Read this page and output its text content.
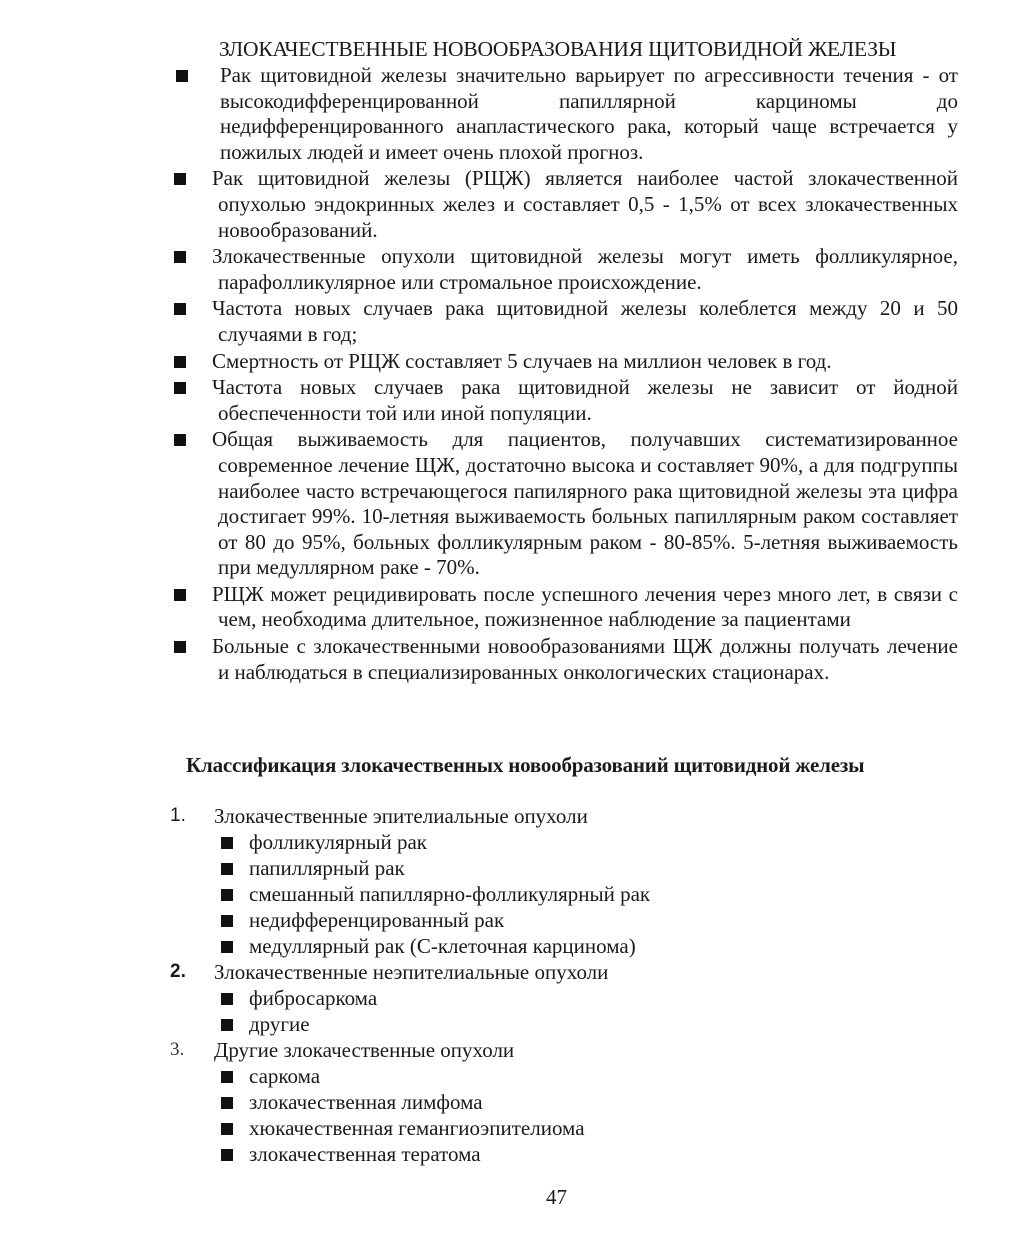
ЗЛОКАЧЕСТВЕННЫЕ НОВООБРАЗОВАНИЯ ЩИТОВИДНОЙ ЖЕЛЕЗЫ
Рак щитовидной железы значительно варьирует по агрессивности течения - от высокодифференцированной папиллярной карциномы до недифференцированного анапластического рака, который чаще встречается у пожилых людей и имеет очень плохой прогноз.
Рак щитовидной железы (РЩЖ) является наиболее частой злокачественной опухолью эндокринных желез и составляет 0,5 - 1,5% от всех злокачественных новообразований.
Злокачественные опухоли щитовидной железы могут иметь фолликулярное, парафолликулярное или стромальное происхождение.
Частота новых случаев рака щитовидной железы колеблется между 20 и 50 случаями в год;
Смертность от РЩЖ составляет 5 случаев на миллион человек в год.
Частота новых случаев рака щитовидной железы не зависит от йодной обеспеченности той или иной популяции.
Общая выживаемость для пациентов, получавших систематизированное современное лечение ЩЖ, достаточно высока и составляет 90%, а для подгруппы наиболее часто встречающегося папилярного рака щитовидной железы эта цифра достигает 99%. 10-летняя выживаемость больных папиллярным раком составляет от 80 до 95%, больных фолликулярным раком - 80-85%. 5-летняя выживаемость при медуллярном раке - 70%.
РЩЖ может рецидивировать после успешного лечения через много лет, в связи с чем, необходима длительное, пожизненное наблюдение за пациентами
Больные с злокачественными новообразованиями ЩЖ должны получать лечение и наблюдаться в специализированных онкологических стационарах.
Классификация злокачественных новообразований щитовидной железы
1. Злокачественные эпителиальные опухоли
фолликулярный рак
папиллярный рак
смешанный папиллярно-фолликулярный рак
недифференцированный рак
медуллярный рак (С-клеточная карцинома)
2. Злокачественные неэпителиальные опухоли
фибросаркома
другие
3. Другие злокачественные опухоли
саркома
злокачественная лимфома
хюкачественная гемангиоэпителиома
злокачественная тератома
47
